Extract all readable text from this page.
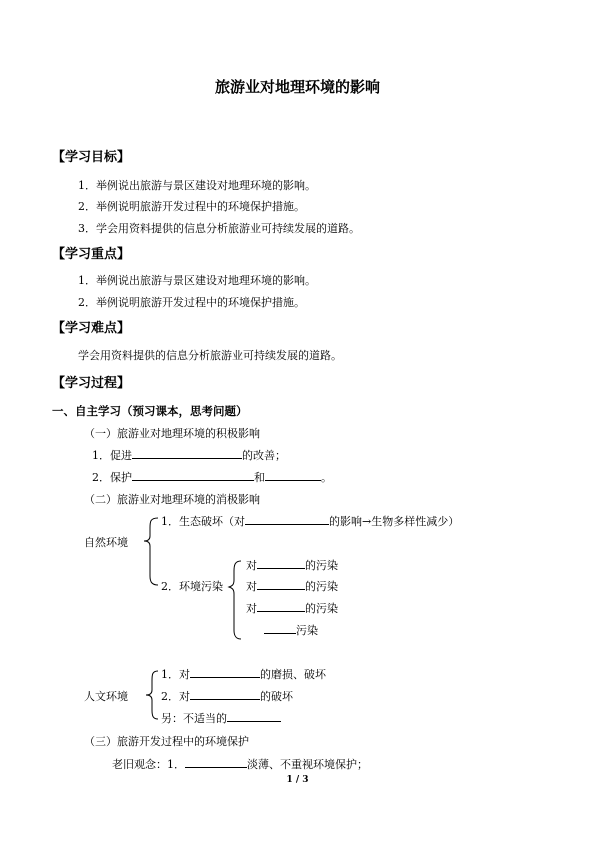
旅游业对地理环境的影响
【学习目标】
1．举例说出旅游与景区建设对地理环境的影响。
2．举例说明旅游开发过程中的环境保护措施。
3．学会用资料提供的信息分析旅游业可持续发展的道路。
【学习重点】
1．举例说出旅游与景区建设对地理环境的影响。
2．举例说明旅游开发过程中的环境保护措施。
【学习难点】
学会用资料提供的信息分析旅游业可持续发展的道路。
【学习过程】
一、自主学习（预习课本，思考问题）
（一）旅游业对地理环境的积极影响
1．促进	的改善；
2．保护	和	。
（二）旅游业对地理环境的消极影响
自然环境
1．生态破坏（对	的影响→生物多样性减少）
2．环境污染
对	的污染
对	的污染
对	的污染
污染
人文环境
1．对	的磨损、破坏
2．对	的破坏
另：不适当的
（三）旅游开发过程中的环境保护
老旧观念：1．	淡薄、不重视环境保护；
1 / 3
